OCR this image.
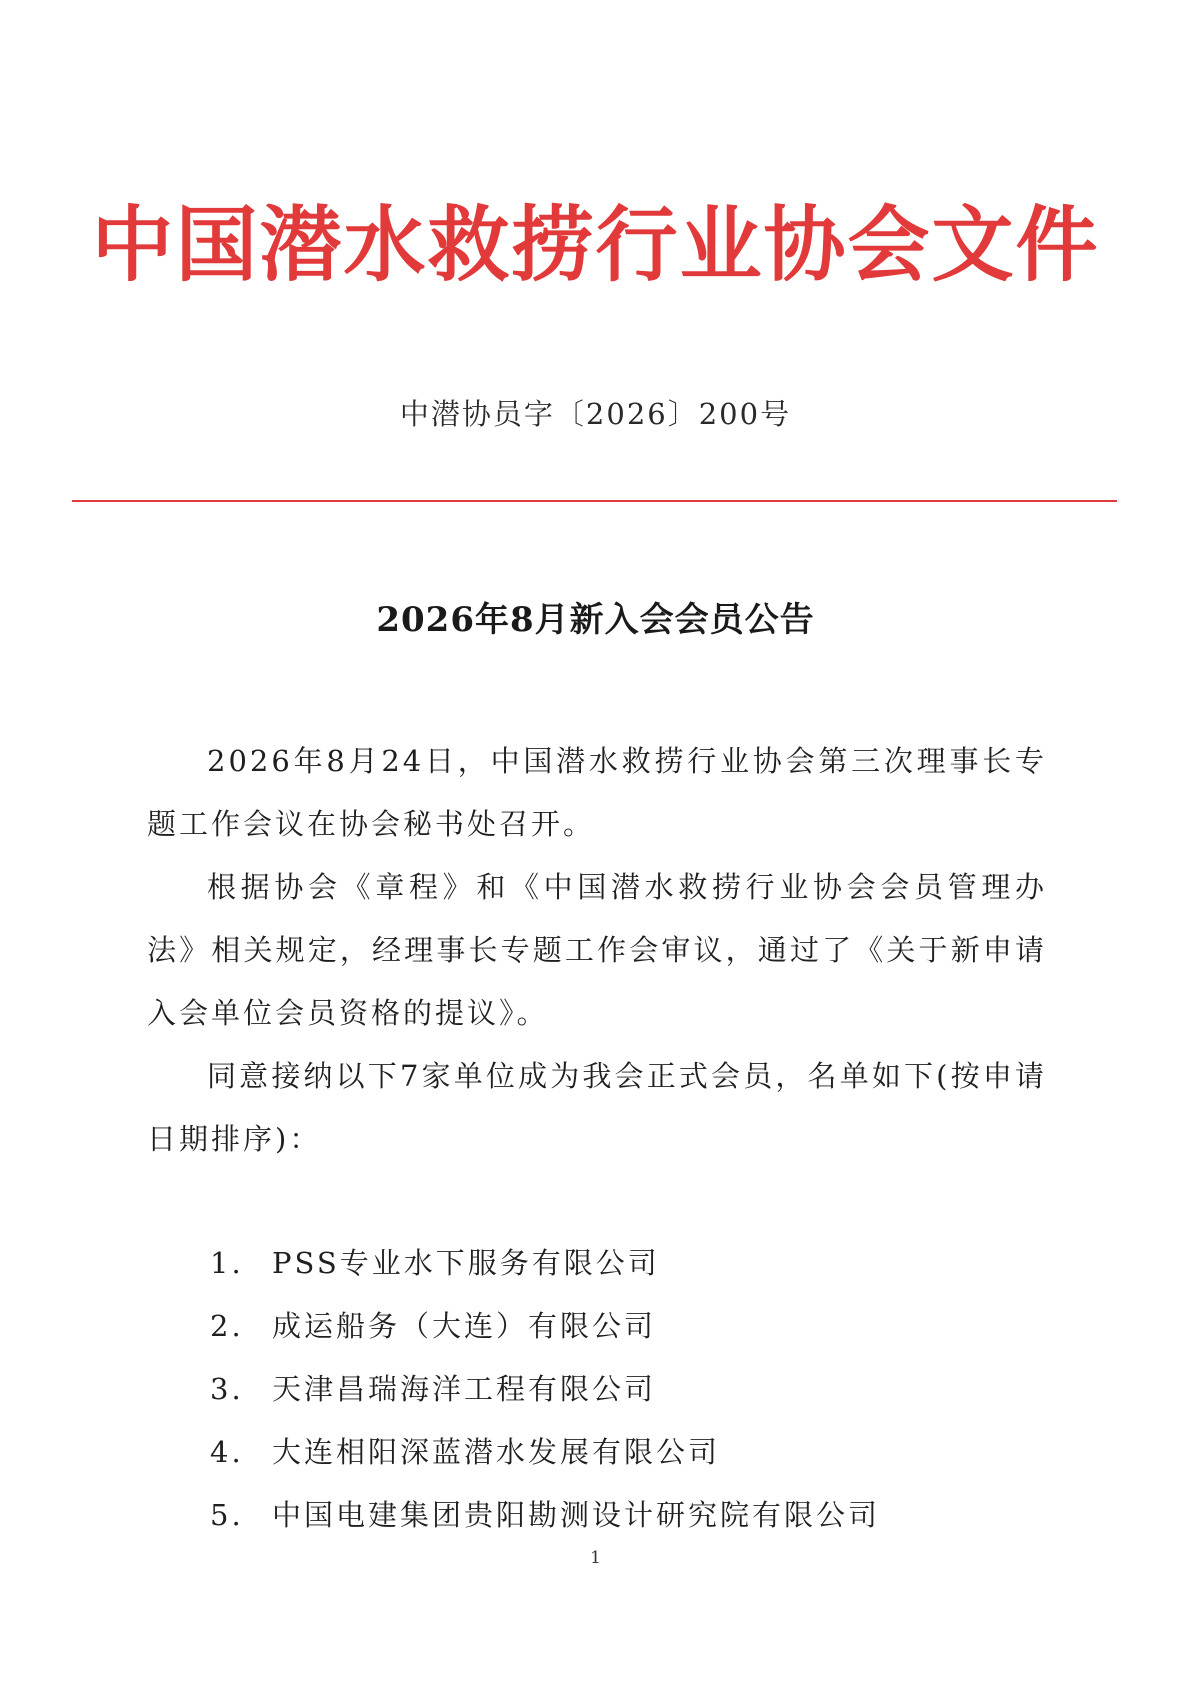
中国潜水救捞行业协会文件
中潜协员字〔2026〕200号
2026年8月新入会会员公告

2026年8月24日，中国潜水救捞行业协会第三次理事长专题工作会议在协会秘书处召开。

根据协会《章程》和《中国潜水救捞行业协会会员管理办法》相关规定，经理事长专题工作会审议，通过了《关于新申请入会单位会员资格的提议》。

同意接纳以下7家单位成为我会正式会员，名单如下(按申请日期排序)：

1. PSS专业水下服务有限公司
2. 成运船务（大连）有限公司
3. 天津昌瑞海洋工程有限公司
4. 大连相阳深蓝潜水发展有限公司
5. 中国电建集团贵阳勘测设计研究院有限公司
1
